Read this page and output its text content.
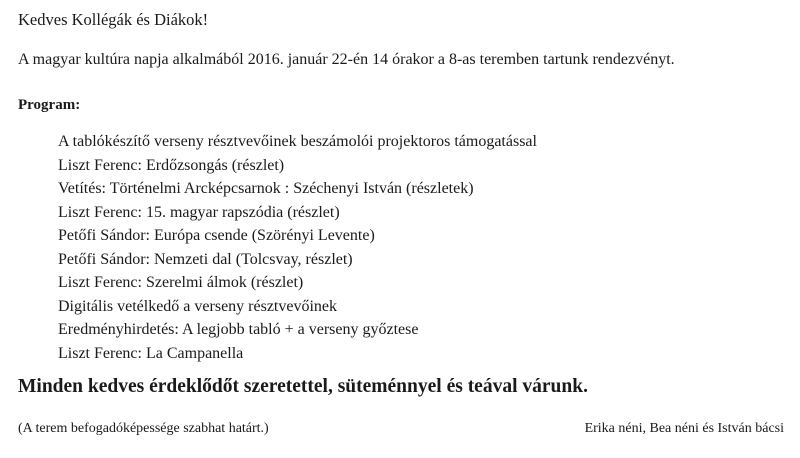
Kedves Kollégák és Diákok!
A magyar kultúra napja alkalmából 2016. január 22-én 14 órakor a 8-as teremben tartunk rendezvényt.
Program:
A tablókészítő verseny résztvevőinek beszámolói projektoros támogatással
Liszt Ferenc: Erdőzsongás (részlet)
Vetítés: Történelmi Arcképcsarnok : Széchenyi István (részletek)
Liszt Ferenc: 15. magyar rapszódia (részlet)
Petőfi Sándor: Európa csende (Szörényi Levente)
Petőfi Sándor: Nemzeti dal (Tolcsvay, részlet)
Liszt Ferenc: Szerelmi álmok (részlet)
Digitális vetélkedő a verseny résztvevőinek
Eredményhirdetés: A legjobb tabló + a verseny győztese
Liszt Ferenc: La Campanella
Minden kedves érdeklődőt szeretettel, süteménnyel és teával várunk.
(A terem befogadóképessége szabhat határt.)	Erika néni, Bea néni és István bácsi
